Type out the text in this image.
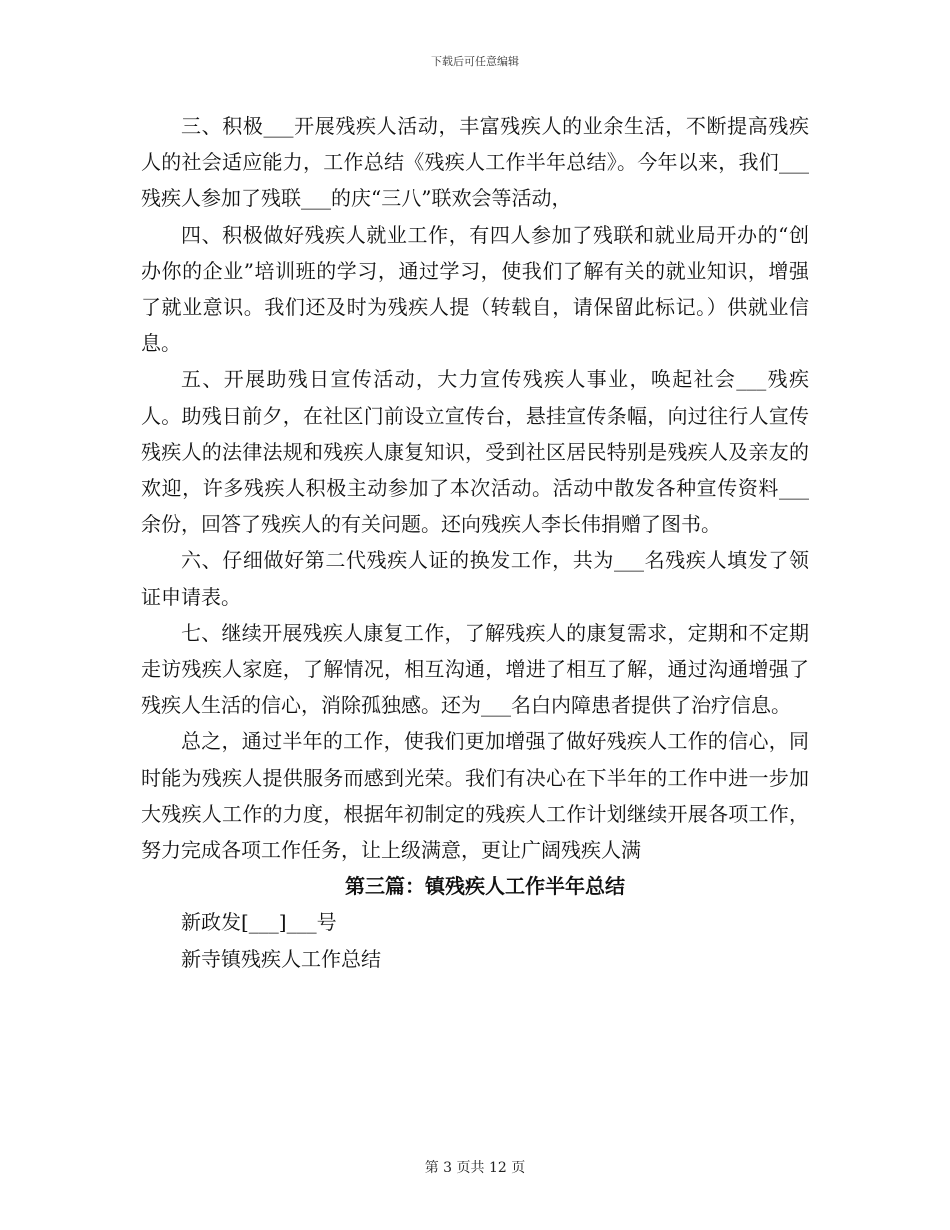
下载后可任意编辑

三、积极___开展残疾人活动，丰富残疾人的业余生活，不断提高残疾人的社会适应能力，工作总结《残疾人工作半年总结》。今年以来，我们___残疾人参加了残联___的庆“三八”联欢会等活动，

四、积极做好残疾人就业工作，有四人参加了残联和就业局开办的“创办你的企业”培训班的学习，通过学习，使我们了解有关的就业知识，增强了就业意识。我们还及时为残疾人提（转载自，请保留此标记。）供就业信息。

五、开展助残日宣传活动，大力宣传残疾人事业，唤起社会___残疾人。助残日前夕，在社区门前设立宣传台，悬挂宣传条幅，向过往行人宣传残疾人的法律法规和残疾人康复知识，受到社区居民特别是残疾人及亲友的欢迎，许多残疾人积极主动参加了本次活动。活动中散发各种宣传资料___余份，回答了残疾人的有关问题。还向残疾人李长伟捐赠了图书。

六、仔细做好第二代残疾人证的换发工作，共为___名残疾人填发了领证申请表。

七、继续开展残疾人康复工作，了解残疾人的康复需求，定期和不定期走访残疾人家庭，了解情况，相互沟通，增进了相互了解，通过沟通增强了残疾人生活的信心，消除孤独感。还为___名白内障患者提供了治疗信息。

总之，通过半年的工作，使我们更加增强了做好残疾人工作的信心，同时能为残疾人提供服务而感到光荣。我们有决心在下半年的工作中进一步加大残疾人工作的力度，根据年初制定的残疾人工作计划继续开展各项工作，努力完成各项工作任务，让上级满意，更让广阔残疾人满

第三篇：镇残疾人工作半年总结

新政发[___]___号

新寺镇残疾人工作总结

第 3 页共 12 页
